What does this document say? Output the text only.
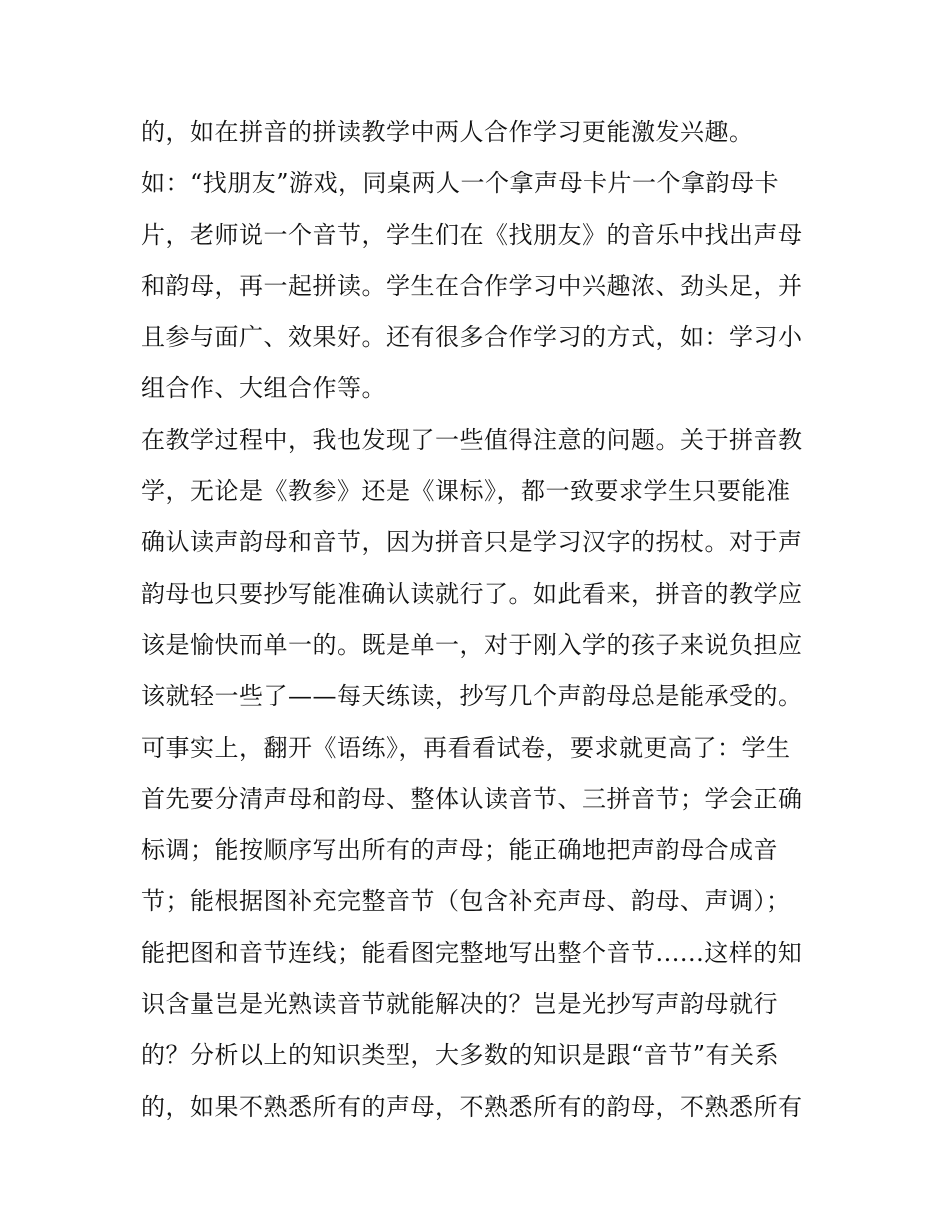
的，如在拼音的拼读教学中两人合作学习更能激发兴趣。
如：“找朋友”游戏，同桌两人一个拿声母卡片一个拿韵母卡
片，老师说一个音节，学生们在《找朋友》的音乐中找出声母
和韵母，再一起拼读。学生在合作学习中兴趣浓、劲头足，并
且参与面广、效果好。还有很多合作学习的方式，如：学习小
组合作、大组合作等。
在教学过程中，我也发现了一些值得注意的问题。关于拼音教
学，无论是《教参》还是《课标》，都一致要求学生只要能准
确认读声韵母和音节，因为拼音只是学习汉字的拐杖。对于声
韵母也只要抄写能准确认读就行了。如此看来，拼音的教学应
该是愉快而单一的。既是单一，对于刚入学的孩子来说负担应
该就轻一些了——每天练读，抄写几个声韵母总是能承受的。
可事实上，翻开《语练》，再看看试卷，要求就更高了：学生
首先要分清声母和韵母、整体认读音节、三拼音节；学会正确
标调；能按顺序写出所有的声母；能正确地把声韵母合成音
节；能根据图补充完整音节（包含补充声母、韵母、声调）；
能把图和音节连线；能看图完整地写出整个音节......这样的知
识含量岂是光熟读音节就能解决的？岂是光抄写声韵母就行
的？分析以上的知识类型，大多数的知识是跟“音节”有关系
的，如果不熟悉所有的声母，不熟悉所有的韵母，不熟悉所有
